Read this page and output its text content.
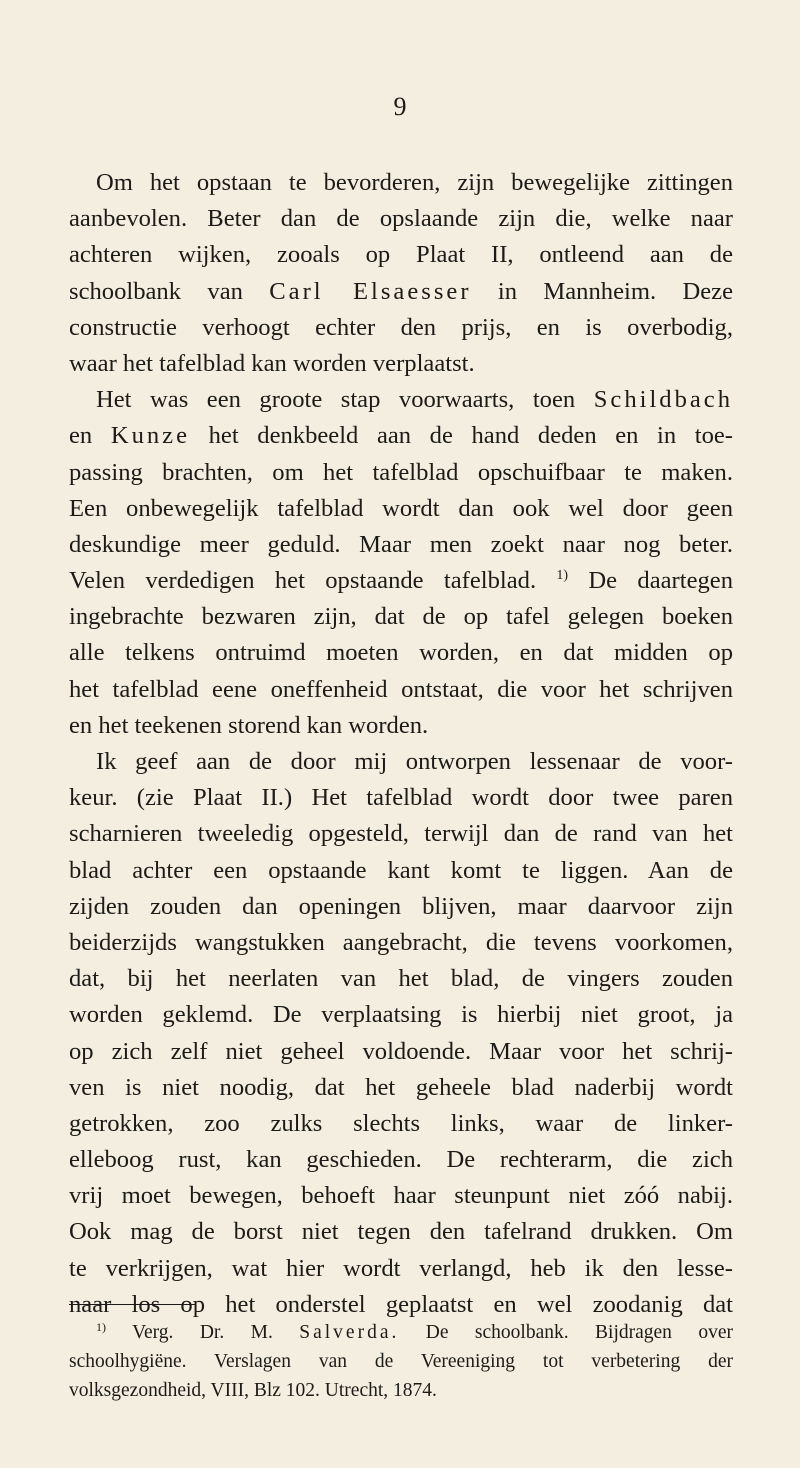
9
Om het opstaan te bevorderen, zijn bewegelijke zittingen
aanbevolen. Beter dan de opslaande zijn die, welke naar
achteren wijken, zooals op Plaat II, ontleend aan de
schoolbank van Carl Elsaesser in Mannheim. Deze
constructie verhoogt echter den prijs, en is overbodig,
waar het tafelblad kan worden verplaatst.
Het was een groote stap voorwaarts, toen Schildbach
en Kunze het denkbeeld aan de hand deden en in toe-
passing brachten, om het tafelblad opschuifbaar te maken.
Een onbewegelijk tafelblad wordt dan ook wel door geen
deskundige meer geduld. Maar men zoekt naar nog beter.
Velen verdedigen het opstaande tafelblad. $^{1)}$ De daartegen
ingebrachte bezwaren zijn, dat de op tafel gelegen boeken
alle telkens ontruimd moeten worden, en dat midden op
het tafelblad eene oneffenheid ontstaat, die voor het schrijven
en het teekenen storend kan worden.
Ik geef aan de door mij ontworpen lessenaar de voor-
keur. (zie Plaat II.) Het tafelblad wordt door twee paren
scharnieren tweeledig opgesteld, terwijl dan de rand van het
blad achter een opstaande kant komt te liggen. Aan de
zijden zouden dan openingen blijven, maar daarvoor zijn
beiderzijds wangstukken aangebracht, die tevens voorkomen,
dat, bij het neerlaten van het blad, de vingers zouden
worden geklemd. De verplaatsing is hierbij niet groot, ja
op zich zelf niet geheel voldoende. Maar voor het schrij-
ven is niet noodig, dat het geheele blad naderbij wordt
getrokken, zoo zulks slechts links, waar de linker-
elleboog rust, kan geschieden. De rechterarm, die zich
vrij moet bewegen, behoeft haar steunpunt niet zóó nabij.
Ook mag de borst niet tegen den tafelrand drukken. Om
te verkrijgen, wat hier wordt verlangd, heb ik den lesse-
naar los op het onderstel geplaatst en wel zoodanig dat
$^{1)}$ Verg. Dr. M. Salverda. De schoolbank. Bijdragen over
schoolhygiëne. Verslagen van de Vereeniging tot verbetering der
volksgezondheid, VIII, Blz 102. Utrecht, 1874.
